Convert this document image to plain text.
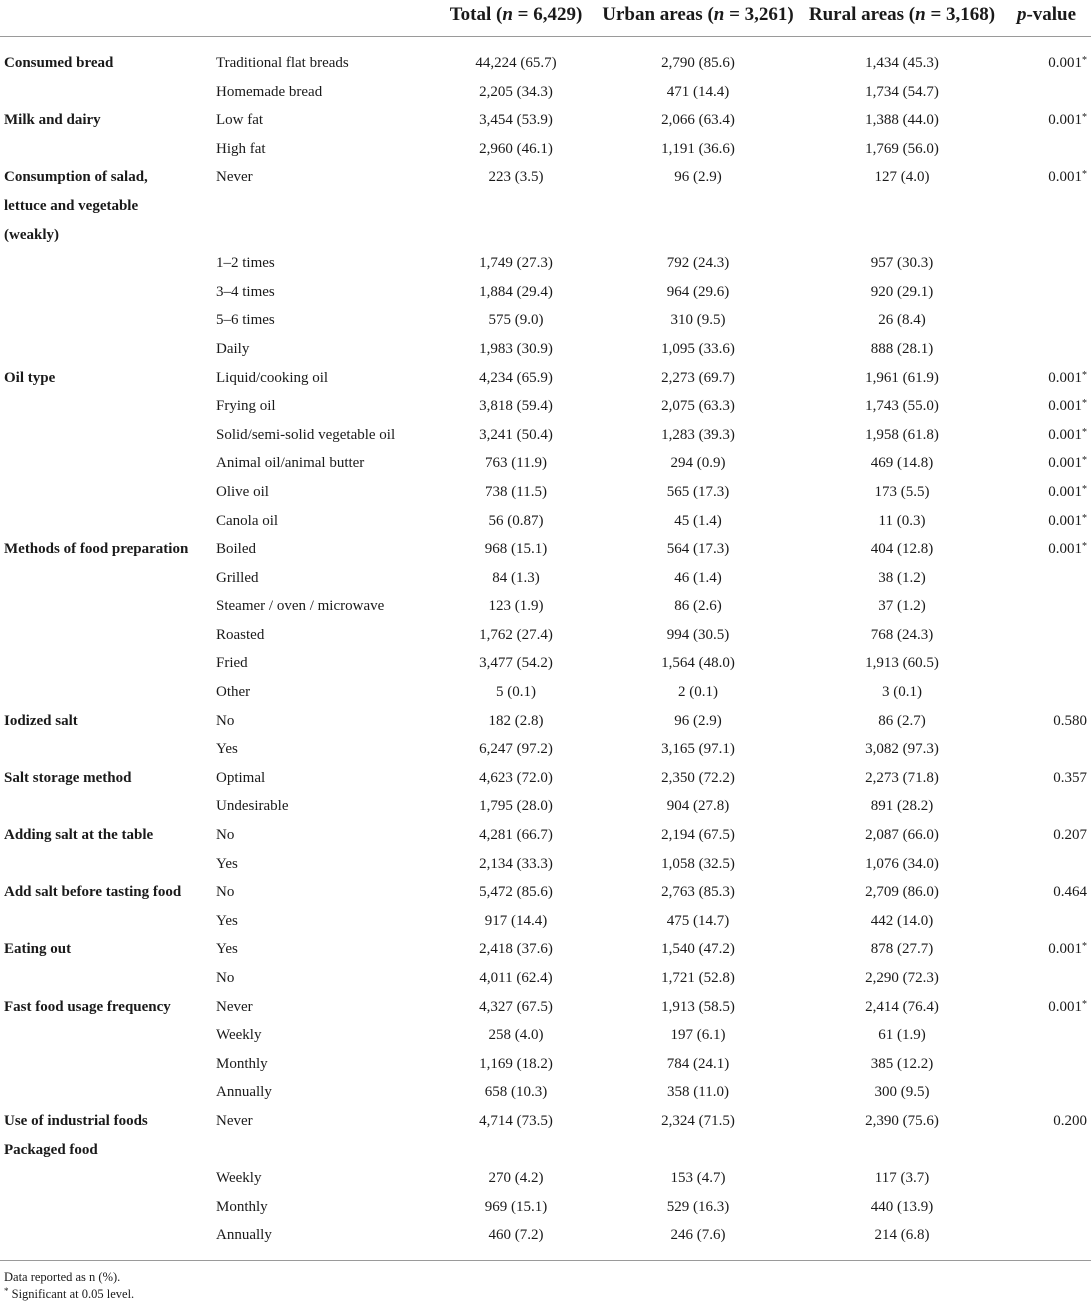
		Total (n = 6,429)	Urban areas (n = 3,261)	Rural areas (n = 3,168)	p-value
Consumed bread	Traditional flat breads	44,224 (65.7)	2,790 (85.6)	1,434 (45.3)	0.001*
	Homemade bread	2,205 (34.3)	471 (14.4)	1,734 (54.7)	
Milk and dairy	Low fat	3,454 (53.9)	2,066 (63.4)	1,388 (44.0)	0.001*
	High fat	2,960 (46.1)	1,191 (36.6)	1,769 (56.0)	

Consumption of salad,
lettuce and vegetable
(weakly)	Never	223 (3.5)	96 (2.9)	127 (4.0)	0.001*
	1–2 times	1,749 (27.3)	792 (24.3)	957 (30.3)	
	3–4 times	1,884 (29.4)	964 (29.6)	920 (29.1)	
	5–6 times	575 (9.0)	310 (9.5)	26 (8.4)	
	Daily	1,983 (30.9)	1,095 (33.6)	888 (28.1)	
Oil type	Liquid/cooking oil	4,234 (65.9)	2,273 (69.7)	1,961 (61.9)	0.001*
	Frying oil	3,818 (59.4)	2,075 (63.3)	1,743 (55.0)	0.001*
	Solid/semi-solid vegetable oil	3,241 (50.4)	1,283 (39.3)	1,958 (61.8)	0.001*
	Animal oil/animal butter	763 (11.9)	294 (0.9)	469 (14.8)	0.001*
	Olive oil	738 (11.5)	565 (17.3)	173 (5.5)	0.001*
	Canola oil	56 (0.87)	45 (1.4)	11 (0.3)	0.001*
Methods of food preparation	Boiled	968 (15.1)	564 (17.3)	404 (12.8)	0.001*
	Grilled	84 (1.3)	46 (1.4)	38 (1.2)	
	Steamer / oven / microwave	123 (1.9)	86 (2.6)	37 (1.2)	
	Roasted	1,762 (27.4)	994 (30.5)	768 (24.3)	
	Fried	3,477 (54.2)	1,564 (48.0)	1,913 (60.5)	
	Other	5 (0.1)	2 (0.1)	3 (0.1)	
Iodized salt	No	182 (2.8)	96 (2.9)	86 (2.7)	0.580
	Yes	6,247 (97.2)	3,165 (97.1)	3,082 (97.3)	
Salt storage method	Optimal	4,623 (72.0)	2,350 (72.2)	2,273 (71.8)	0.357
	Undesirable	1,795 (28.0)	904 (27.8)	891 (28.2)	
Adding salt at the table	No	4,281 (66.7)	2,194 (67.5)	2,087 (66.0)	0.207
	Yes	2,134 (33.3)	1,058 (32.5)	1,076 (34.0)	
Add salt before tasting food	No	5,472 (85.6)	2,763 (85.3)	2,709 (86.0)	0.464
	Yes	917 (14.4)	475 (14.7)	442 (14.0)	
Eating out	Yes	2,418 (37.6)	1,540 (47.2)	878 (27.7)	0.001*
	No	4,011 (62.4)	1,721 (52.8)	2,290 (72.3)	
Fast food usage frequency	Never	4,327 (67.5)	1,913 (58.5)	2,414 (76.4)	0.001*
	Weekly	258 (4.0)	197 (6.1)	61 (1.9)	
	Monthly	1,169 (18.2)	784 (24.1)	385 (12.2)	
	Annually	658 (10.3)	358 (11.0)	300 (9.5)	

Use of industrial foods
Packaged food	Never	4,714 (73.5)	2,324 (71.5)	2,390 (75.6)	0.200
	Weekly	270 (4.2)	153 (4.7)	117 (3.7)	
	Monthly	969 (15.1)	529 (16.3)	440 (13.9)	
	Annually	460 (7.2)	246 (7.6)	214 (6.8)	
Data reported as n (%).
* Significant at 0.05 level.
